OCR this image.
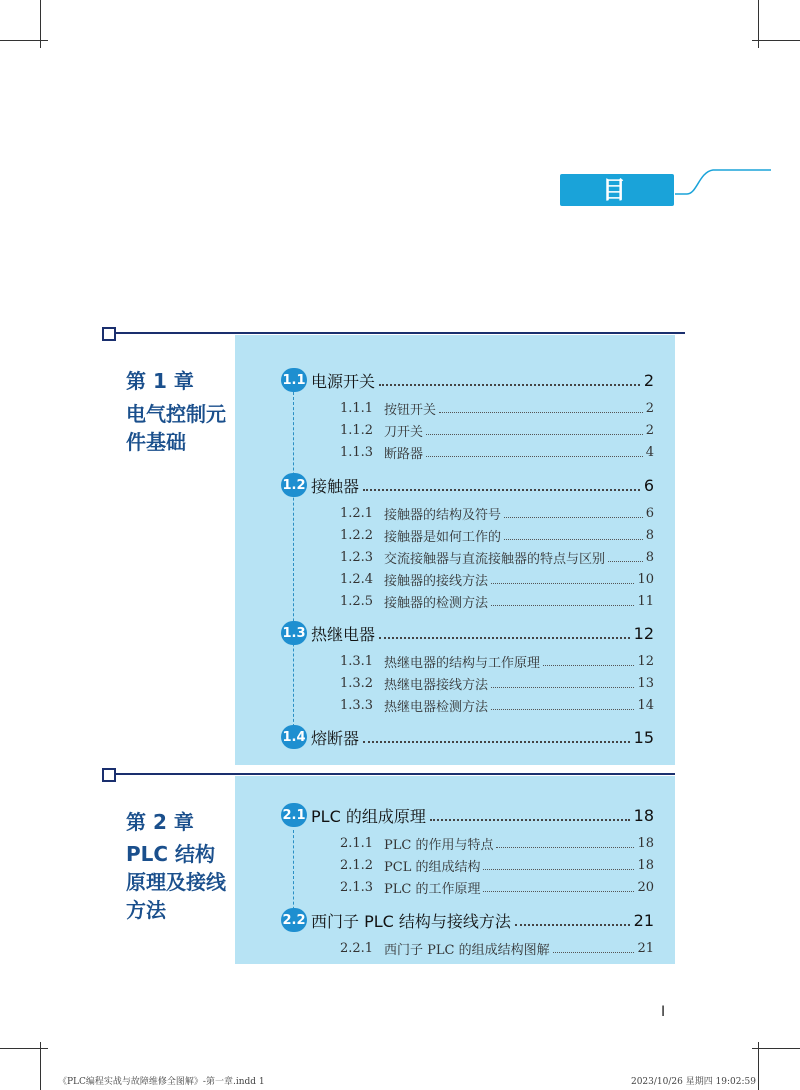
目 录
第 1 章
电气控制元
件基础
1.1 电源开关	2
1.1.1 按钮开关	2
1.1.2 刀开关	2
1.1.3 断路器	4
1.2 接触器	6
1.2.1 接触器的结构及符号	6
1.2.2 接触器是如何工作的	8
1.2.3 交流接触器与直流接触器的特点与区别	8
1.2.4 接触器的接线方法	10
1.2.5 接触器的检测方法	11
1.3 热继电器	12
1.3.1 热继电器的结构与工作原理	12
1.3.2 热继电器接线方法	13
1.3.3 热继电器检测方法	14
1.4 熔断器	15
第 2 章
PLC 结构
原理及接线
方法
2.1 PLC 的组成原理	18
2.1.1 PLC 的作用与特点	18
2.1.2 PCL 的组成结构	18
2.1.3 PLC 的工作原理	20
2.2 西门子 PLC 结构与接线方法	21
2.2.1 西门子 PLC 的组成结构图解	21
I
《PLC编程实战与故障维修全图解》-第一章.indd 1	2023/10/26 星期四 19:02:59
